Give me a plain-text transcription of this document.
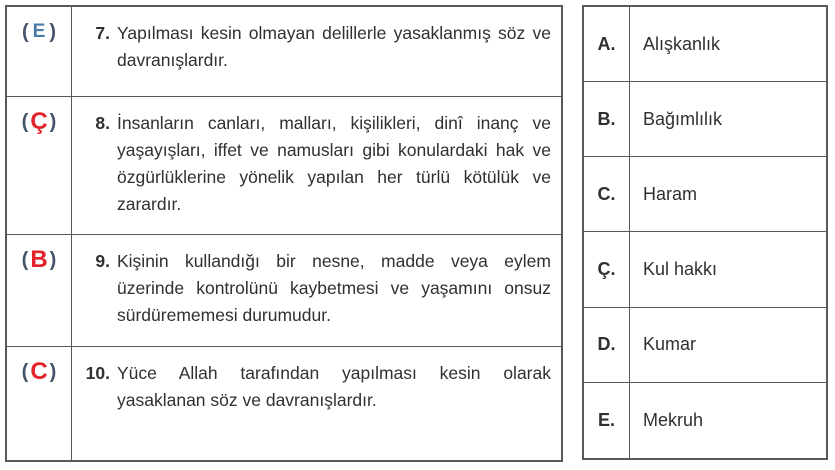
( E )	7. Yapılması kesin olmayan delillerle yasaklanmış söz ve davranışlardır.
( Ç )	8. İnsanların canları, malları, kişilikleri, dinî inanç ve yaşayışları, iffet ve namusları gibi konulardaki hak ve özgürlüklerine yönelik yapılan her türlü kötülük ve zarardır.
( B )	9. Kişinin kullandığı bir nesne, madde veya eylem üzerinde kontrolünü kaybetmesi ve yaşamını onsuz sürdürememesi durumudur.
( C )	10. Yüce Allah tarafından yapılması kesin olarak yasaklanan söz ve davranışlardır.
A.	Alışkanlık
B.	Bağımlılık
C.	Haram
Ç.	Kul hakkı
D.	Kumar
E.	Mekruh
